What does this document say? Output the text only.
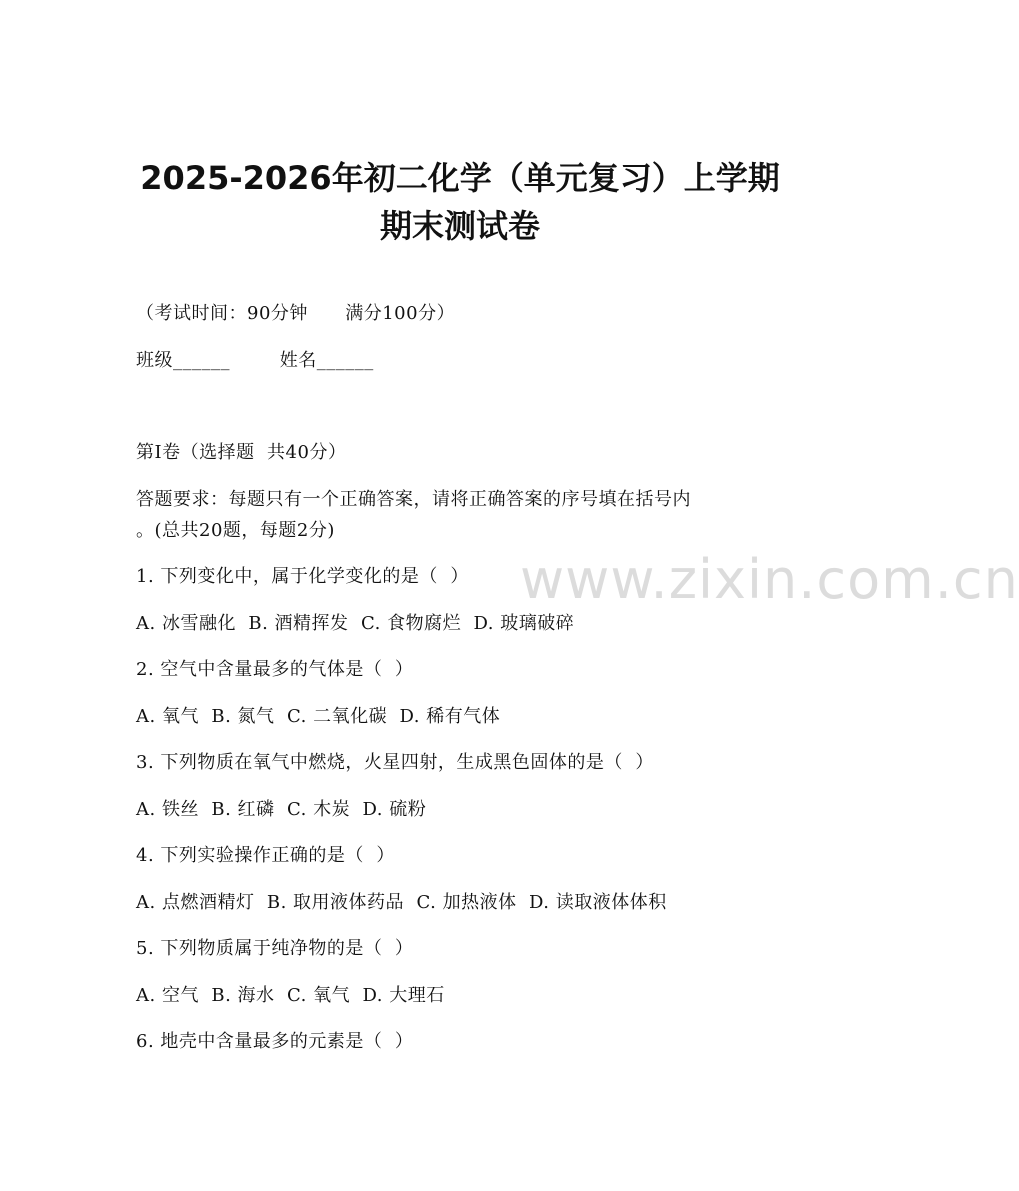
2025-2026年初二化学（单元复习）上学期
期末测试卷
（考试时间：90分钟      满分100分）
班级______        姓名______
第Ⅰ卷（选择题  共40分）
答题要求：每题只有一个正确答案，请将正确答案的序号填在括号内
。(总共20题，每题2分)
1. 下列变化中，属于化学变化的是（  ）
A. 冰雪融化  B. 酒精挥发  C. 食物腐烂  D. 玻璃破碎
2. 空气中含量最多的气体是（  ）
A. 氧气  B. 氮气  C. 二氧化碳  D. 稀有气体
3. 下列物质在氧气中燃烧，火星四射，生成黑色固体的是（  ）
A. 铁丝  B. 红磷  C. 木炭  D. 硫粉
4. 下列实验操作正确的是（  ）
A. 点燃酒精灯  B. 取用液体药品  C. 加热液体  D. 读取液体体积
5. 下列物质属于纯净物的是（  ）
A. 空气  B. 海水  C. 氧气  D. 大理石
6. 地壳中含量最多的元素是（  ）
www.zixin.com.cn
